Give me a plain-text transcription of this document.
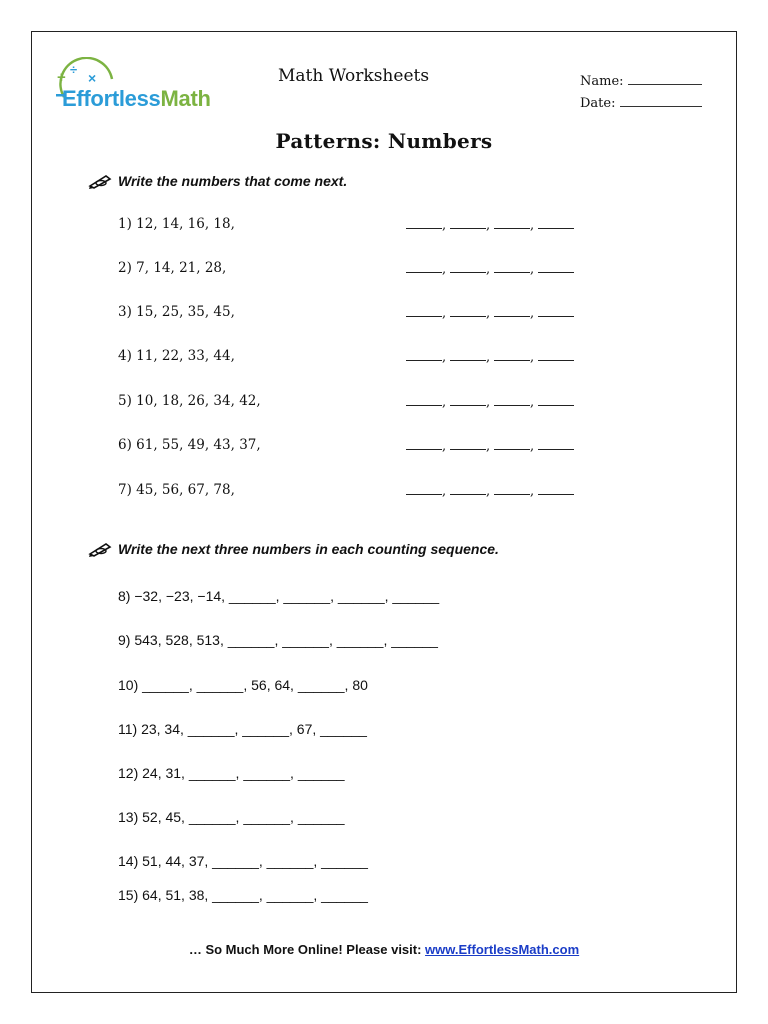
+ ÷
×
EffortlessMath
Math Worksheets	Name:
Date:
Patterns: Numbers
Write the numbers that come next.
1) 12, 14, 16, 18,
2) 7, 14, 21, 28,
3) 15, 25, 35, 45,
4) 11, 22, 33, 44,
5) 10, 18, 26, 34, 42,
6) 61, 55, 49, 43, 37,
7) 45, 56, 67, 78,
,	,	,
,	,	,
,	,	,
,	,	,
,	,	,
,	,	,
,	,	,
Write the next three numbers in each counting sequence.
8) −32, −23, −14, ______, ______, ______, ______
9) 543, 528, 513, ______, ______, ______, ______
10) ______, ______, 56, 64, ______, 80
11) 23, 34, ______, ______, 67, ______
12) 24, 31, ______, ______, ______
13) 52, 45, ______, ______, ______
14) 51, 44, 37, ______, ______, ______
15) 64, 51, 38, ______, ______, ______
… So Much More Online! Please visit: www.EffortlessMath.com
